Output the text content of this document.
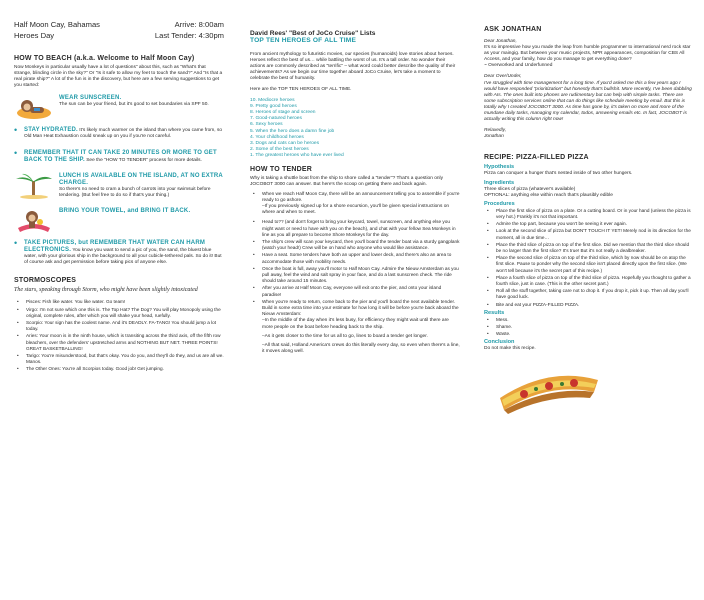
Half Moon Cay, Bahamas	Arrive: 8:00am
Heroes Day	Last Tender: 4:30pm
HOW TO BEACH (a.k.a. Welcome to Half Moon Cay)

Now Monkeys in particular usually have a lot of questions" about this, such as "What's that strange, blinding circle in the sky?" Or "Is it safe to allow my feet to touch the sand?" And "Is that a real pirate ship?" A lot of the fun is in the discovery, but here are a few serving suggestions to get you started:

WEAR SUNSCREEN.
The sun can be your friend, but it's good to set boundaries via SPF 50.
•	STAY HYDRATED. It's likely much warmer on the island than where you came from, so Old Man Heat Exhaustion could sneak up on you if you're not careful.
•	REMEMBER THAT IT CAN TAKE 20 MINUTES OR MORE TO GET BACK TO THE SHIP. See the "HOW TO TENDER" process for more details.
LUNCH IS AVAILABLE ON THE ISLAND, AT NO EXTRA CHARGE.
So there's no need to cram a bunch of carrots into your swimsuit before tendering. (But feel free to do so if that's your thing.)
BRING YOUR TOWEL, and BRING IT BACK.
•	TAKE PICTURES, but REMEMBER THAT WATER CAN HARM ELECTRONICS. You know you want to send a pic of you, the sand, the bluest blue water, with your glorious ship in the background to all your cubicle-tethered pals. So do it! But of course ask and get permission before taking pics of anyone else.
STORMOSCOPES
The stars, speaking through Storm, who might have been slightly intoxicated
• Pisces: Fish like water. You like water. Go team!
• Virgo: I'm not sure which one this is. The Top Hat? The Dog? You will play Monopoly using the original, complete rules, after which you will shake your head, ruefully.
• Scorpio: Your sign has the coolest name. And it's DEADLY. FA-TANG! You should jump a lot today.
• Aries: Your moon is in the ninth house, which is transiting across the third axis, off the fifth row bleachers, over the defenders' upstretched arms and NOTHING BUT NET. THREE POINTS! GREAT BASKETBALLING!
• Tarigo: You're misunderstood, but that's okay. You do you, and they'll do they, and us are all we. Manos.
• The Other Ones: You're all Scorpios today. Good job! Get jumping.
David Rees' "Best of JoCo Cruise" Lists
TOP TEN HEROES OF ALL TIME

From ancient mythology to futuristic movies, our species (humanoids) love stories about heroes. Heroes reflect the best of us… while battling the worst of us. It's a tall order. No wonder their actions are commonly described as "terrific" – what word could better describe the quality of their achievements? As we begin our time together aboard JoCo Cruise, let's take a moment to celebrate the best of humanity.

Here are the TOP TEN HEROES OF ALL TIME.

10. Mediocre heroes
9. Pretty good heroes
8. Heroes of stage and screen
7. Good-natured heroes
6. Sexy heroes
5. When the hero does a damn fine job
4. Your childhood heroes
3. Dogs and cats can be heroes
2. Some of the best heroes
1. The greatest heroes who have ever lived
HOW TO TENDER

Why is taking a shuttle boat from the ship to shore called a "tender"? That's a question only JOCOBOT 3000 can answer. But here's the scoop on getting there and back again.

• When we reach Half Moon Cay, there will be an announcement telling you to assemble if you're ready to go ashore.
–If you previously signed up for a shore excursion, you'll be given special instructions on where and when to meet.
• Head to?? (and don't forget to bring your keycard, towel, sunscreen, and anything else you might want or need to have with you on the beach), and chat with your fellow Sea Monkeys in line as you all prepare to become Shore Monkeys for the day.
• The ship's crew will scan your keycard, then you'll board the tender boat via a sturdy gangplank (watch your head!) Crew will be on hand who anyone who would like assistance.
• Have a seat. Some tenders have both an upper and lower deck, and there's also an area to accommodate those with mobility needs.
• Once the boat is full, away you'll motor to Half Moon Cay. Admire the Nieuw Amsterdam as you pull away, feel the wind and salt spray in your face, and do a last sunscreen check. The ride should take around 15 minutes.
• After you arrive at Half Moon Cay, everyone will exit onto the pier, and onto your island paradise!
• When you're ready to return, come back to the pier and you'll board the next available tender. Build in some extra time into your estimate for how long it will be before you're back aboard the Nieuw Amsterdam:
–In the middle of the day when it's less busy, for efficiency they might wait until there are more people on the boat before heading back to the ship.
–As it gets closer to the time for us all to go, lines to board a tender get longer.
–All that said, Holland America's crews do this literally every day, so even when there's a line, it moves along well.
ASK JONATHAN

Dear Jonathan,

It's so impressive how you made the leap from humble programmer to international nerd rock star as your maingig. But between your music projects, NPR appearances, composition for CBS All Access, and your family, how do you manage to get everything done?

~ Overworked and Underfunned

Dear Over/Under,

I've struggled with time management for a long time. If you'd asked me this a few years ago I would have responded "prioritization" but honestly that's bullshit. More recently, I've been dabbling with AIs. The ones built into phones are rudimentary but can help with simple tasks. There are some subscription services online that can do things like schedule meeting by email. But this is totally why I created JOCOBOT 3000. As time has gone by, it's taken on more and more of the mundane daily tasks, managing my calendar, todos, answering emails etc. In fact, JOCOBOT is actually writing this column right now!

Relaxedly,

Jonathan

RECIPE: PIZZA-FILLED PIZZA
Hypothesis

Pizza can conquer a hunger that's nested inside of two other hungers.

Ingredients

Three slices of pizza (whatever's available)

OPTIONAL: anything else within reach that's plausibly edible

Procedures
• Place the first slice of pizza on a plate. Or a cutting board. Or in your hand (unless the pizza is very hot.) Frankly it's not that important.
• Admire the top part, because you won't be seeing it ever again.
• Look at the second slice of pizza but DON'T TOUCH IT YET! Merely nod in its direction for the moment, all in due time…
• Place the third slice of pizza on top of the first slice. Did we mention that the third slice should be no larger than the first slice? It's true! But it's not really a dealbreaker.
• Place the second slice of pizza on top of the third slice, which by now should be on atop the first slice. Pause to ponder why the second slice isn't placed directly upon the first slice. (We won't tell because it's the secret part of this recipe.)
• Place a fourth slice of pizza on top of the third slice of pizza. Hopefully you thought to gather a fourth slice, just in case. (This is the other secret part.)
• Roll all the stuff together, taking care not to drop it. If you drop it, pick it up. Then all day you'll have good luck.
• Bite and eat your PIZZA-FILLED PIZZA.
Results
• Mess.
• Shame.
• Waste.
Conclusion

Do not make this recipe.
